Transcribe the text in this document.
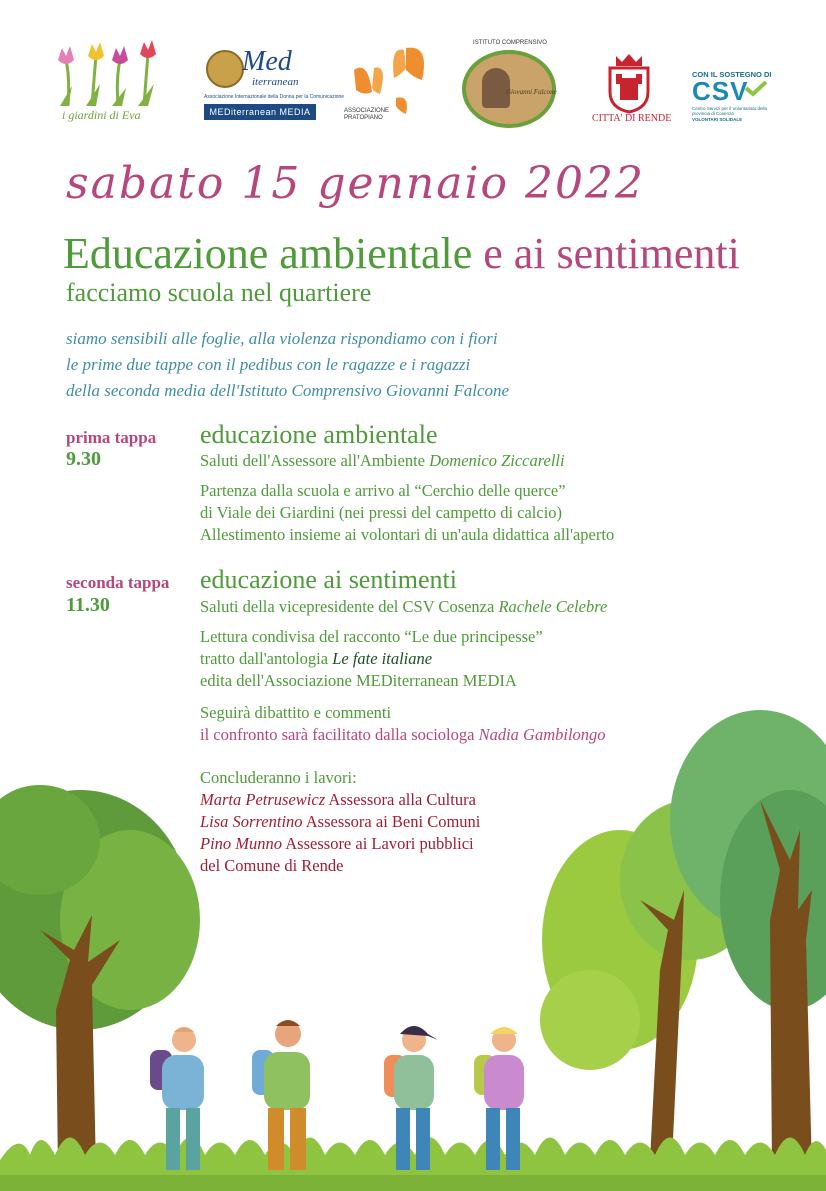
i giardini di Eva
Med
iterranean
Associazione Internazionale della Donna per la Comunicazione
MEDiterranean MEDIA	ASSOCIAZIONE PRATOPIANO
ISTITUTO COMPRENSIVO
Giovanni Falcone
CITTA' DI RENDE
CON IL SOSTEGNO DI
CSV
Centro Servizi per il Volontariato della provincia di Cosenza
VOLONTARI SOLIDALE
sabato 15 gennaio 2022
Educazione ambientale e ai sentimenti
facciamo scuola nel quartiere
siamo sensibili alle foglie, alla violenza rispondiamo con i fiori
le prime due tappe con il pedibus con le ragazze e i ragazzi
della seconda media dell'Istituto Comprensivo Giovanni Falcone
prima tappa
9.30
educazione ambientale
Saluti dell'Assessore all'Ambiente Domenico Ziccarelli
Partenza dalla scuola e arrivo al “Cerchio delle querce”
di Viale dei Giardini (nei pressi del campetto di calcio)
Allestimento insieme ai volontari di un'aula didattica all'aperto
seconda tappa
11.30
educazione ai sentimenti
Saluti della vicepresidente del CSV Cosenza Rachele Celebre
Lettura condivisa del racconto “Le due principesse”
tratto dall'antologia Le fate italiane
edita dell'Associazione MEDiterranean MEDIA
Seguirà dibattito e commenti
il confronto sarà facilitato dalla sociologa Nadia Gambilongo
Concluderanno i lavori:
Marta Petrusewicz Assessora alla Cultura
Lisa Sorrentino Assessora ai Beni Comuni
Pino Munno Assessore ai Lavori pubblici
del Comune di Rende
